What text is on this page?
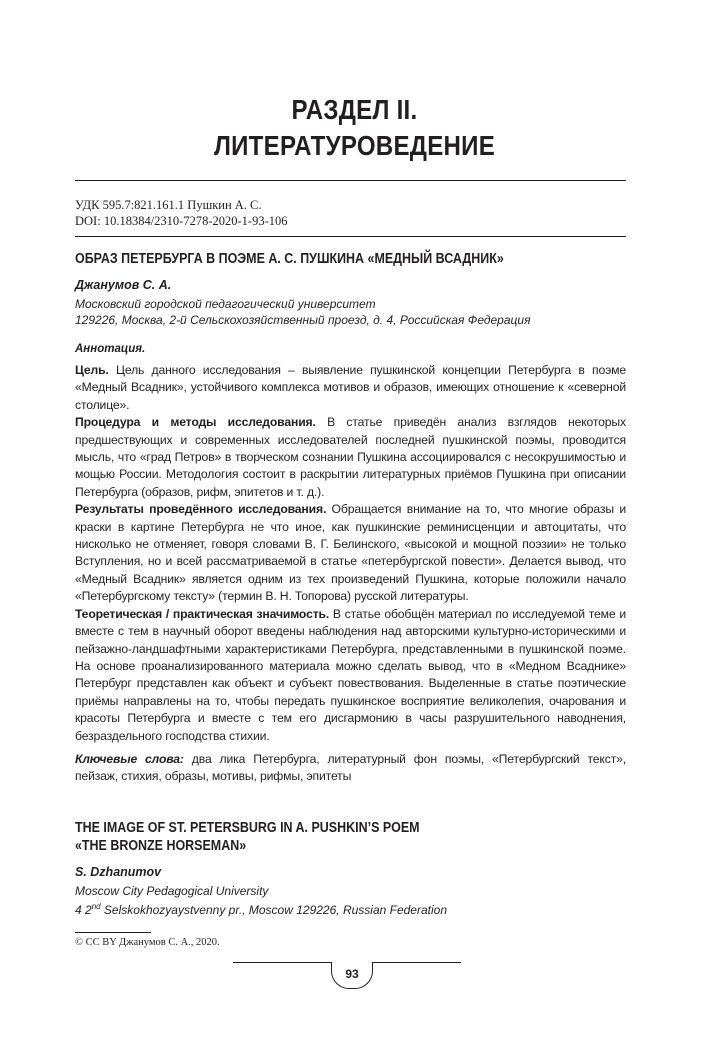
РАЗДЕЛ II.
ЛИТЕРАТУРОВЕДЕНИЕ
УДК 595.7:821.161.1 Пушкин А. С.
DOI: 10.18384/2310-7278-2020-1-93-106
ОБРАЗ ПЕТЕРБУРГА В ПОЭМЕ А. С. ПУШКИНА «МЕДНЫЙ ВСАДНИК»
Джанумов С. А.
Московский городской педагогический университет
129226, Москва, 2-й Сельскохозяйственный проезд, д. 4, Российская Федерация
Аннотация.

Цель. Цель данного исследования – выявление пушкинской концепции Петербурга в поэме «Медный Всадник», устойчивого комплекса мотивов и образов, имеющих отношение к «северной столице».

Процедура и методы исследования. В статье приведён анализ взглядов некоторых предшествующих и современных исследователей последней пушкинской поэмы, проводится мысль, что «град Петров» в творческом сознании Пушкина ассоциировался с несокрушимостью и мощью России. Методология состоит в раскрытии литературных приёмов Пушкина при описании Петербурга (образов, рифм, эпитетов и т. д.).

Результаты проведённого исследования. Обращается внимание на то, что многие образы и краски в картине Петербурга не что иное, как пушкинские реминисценции и автоцитаты, что нисколько не отменяет, говоря словами В. Г. Белинского, «высокой и мощной поэзии» не только Вступления, но и всей рассматриваемой в статье «петербургской повести». Делается вывод, что «Медный Всадник» является одним из тех произведений Пушкина, которые положили начало «Петербургскому тексту» (термин В. Н. Топорова) русской литературы.

Теоретическая / практическая значимость. В статье обобщён материал по исследуемой теме и вместе с тем в научный оборот введены наблюдения над авторскими культурно-историческими и пейзажно-ландшафтными характеристиками Петербурга, представленными в пушкинской поэме. На основе проанализированного материала можно сделать вывод, что в «Медном Всаднике» Петербург представлен как объект и субъект повествования. Выделенные в статье поэтические приёмы направлены на то, чтобы передать пушкинское восприятие великолепия, очарования и красоты Петербурга и вместе с тем его дисгармонию в часы разрушительного наводнения, безраздельного господства стихии.

Ключевые слова: два лика Петербурга, литературный фон поэмы, «Петербургский текст», пейзаж, стихия, образы, мотивы, рифмы, эпитеты

THE IMAGE OF ST. PETERSBURG IN A. PUSHKIN’S POEM
«THE BRONZE HORSEMAN»
S. Dzhanumov
Moscow City Pedagogical University
4 2nd Selskokhozyaystvenny pr., Moscow 129226, Russian Federation
© CC BY Джанумов С. А., 2020.
93
